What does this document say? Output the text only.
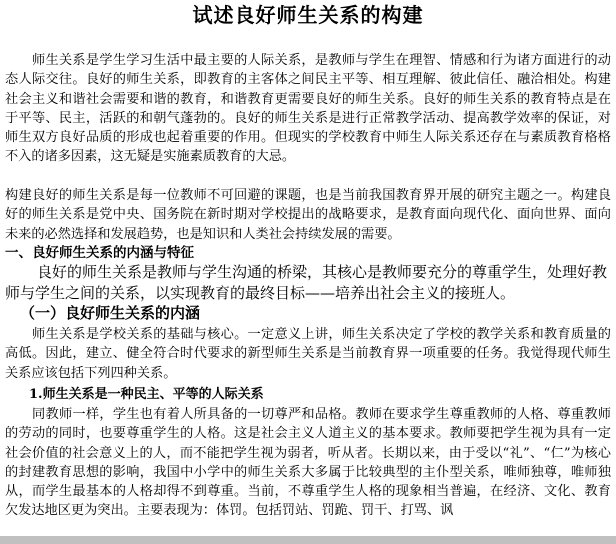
试述良好师生关系的构建
师生关系是学生学习生活中最主要的人际关系，是教师与学生在理智、情感和行为诸方面进行的动态人际交往。良好的师生关系，即教育的主客体之间民主平等、相互理解、彼此信任、融洽相处。构建社会主义和谐社会需要和谐的教育，和谐教育更需要良好的师生关系。良好的师生关系的教育特点是在于平等、民主，活跃的和朝气蓬勃的。良好的师生关系是进行正常教学活动、提高教学效率的保证，对师生双方良好品质的形成也起着重要的作用。但现实的学校教育中师生人际关系还存在与素质教育格格不入的诸多因素，这无疑是实施素质教育的大忌。
构建良好的师生关系是每一位教师不可回避的课题，也是当前我国教育界开展的研究主题之一。构建良好的师生关系是党中央、国务院在新时期对学校提出的战略要求，是教育面向现代化、面向世界、面向未来的必然选择和发展趋势，也是知识和人类社会持续发展的需要。
一、良好师生关系的内涵与特征
良好的师生关系是教师与学生沟通的桥梁，其核心是教师要充分的尊重学生，处理好教师与学生之间的关系，以实现教育的最终目标——培养出社会主义的接班人。
（一）良好师生关系的内涵
师生关系是学校关系的基础与核心。一定意义上讲，师生关系决定了学校的教学关系和教育质量的高低。因此，建立、健全符合时代要求的新型师生关系是当前教育界一项重要的任务。我觉得现代师生关系应该包括下列四种关系。
1.师生关系是一种民主、平等的人际关系
同教师一样，学生也有着人所具备的一切尊严和品格。教师在要求学生尊重教师的人格、尊重教师的劳动的同时，也要尊重学生的人格。这是社会主义人道主义的基本要求。教师要把学生视为具有一定社会价值的社会意义上的人，而不能把学生视为弱者，听从者。长期以来，由于受以“礼”、“仁”为核心的封建教育思想的影响，我国中小学中的师生关系大多属于比较典型的主仆型关系，唯师独尊，唯师独从，而学生最基本的人格却得不到尊重。当前，不尊重学生人格的现象相当普遍，在经济、文化、教育欠发达地区更为突出。主要表现为：体罚。包括罚站、罚跪、罚干、打骂、讽
